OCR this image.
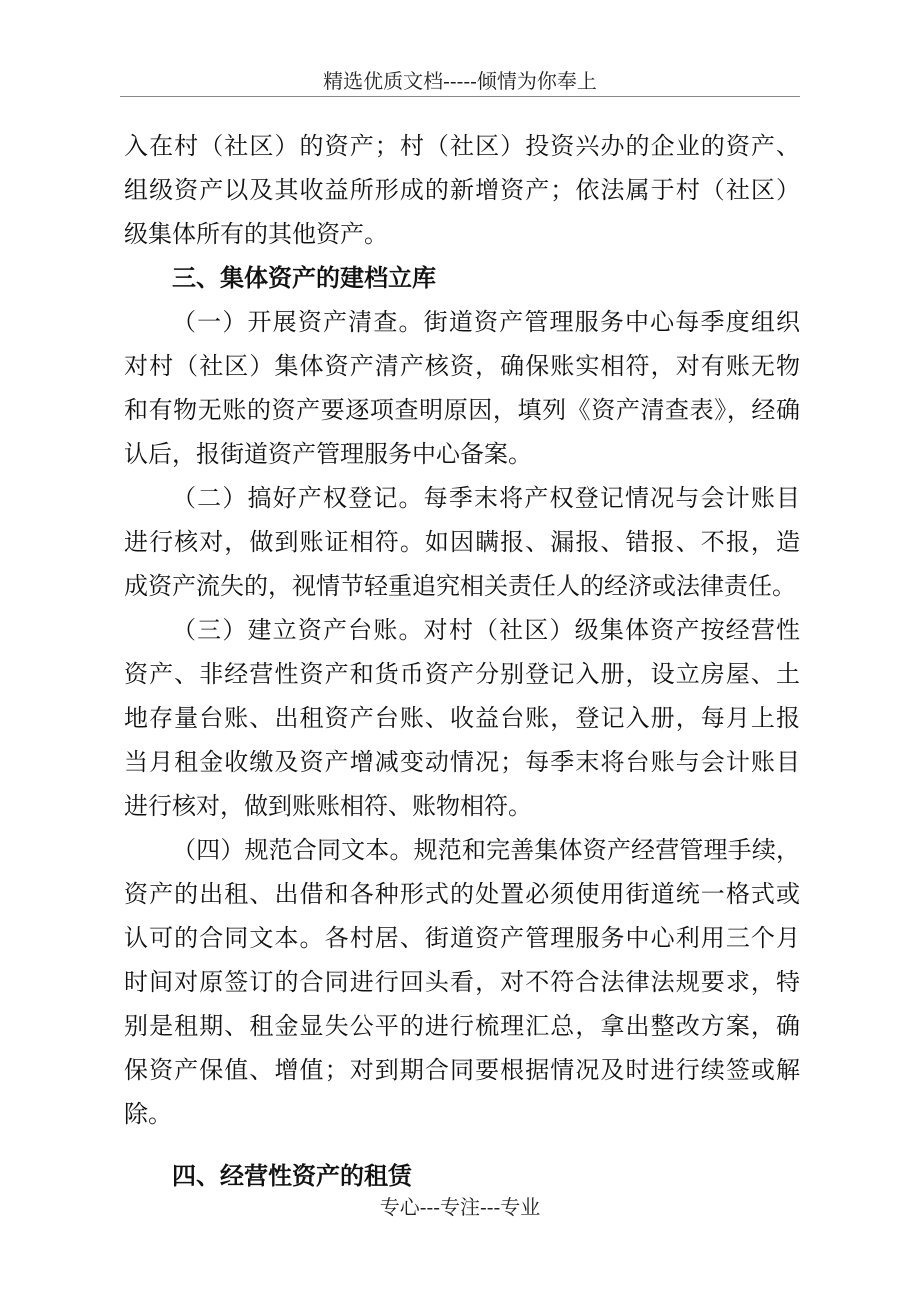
精选优质文档-----倾情为你奉上
入在村（社区）的资产；村（社区）投资兴办的企业的资产、
组级资产以及其收益所形成的新增资产；依法属于村（社区）
级集体所有的其他资产。
三、集体资产的建档立库
（一）开展资产清查。街道资产管理服务中心每季度组织
对村（社区）集体资产清产核资，确保账实相符，对有账无物
和有物无账的资产要逐项查明原因，填列《资产清查表》，经确
认后，报街道资产管理服务中心备案。
（二）搞好产权登记。每季末将产权登记情况与会计账目
进行核对，做到账证相符。如因瞒报、漏报、错报、不报，造
成资产流失的，视情节轻重追究相关责任人的经济或法律责任。
（三）建立资产台账。对村（社区）级集体资产按经营性
资产、非经营性资产和货币资产分别登记入册，设立房屋、土
地存量台账、出租资产台账、收益台账，登记入册，每月上报
当月租金收缴及资产增减变动情况；每季末将台账与会计账目
进行核对，做到账账相符、账物相符。
（四）规范合同文本。规范和完善集体资产经营管理手续，
资产的出租、出借和各种形式的处置必须使用街道统一格式或
认可的合同文本。各村居、街道资产管理服务中心利用三个月
时间对原签订的合同进行回头看，对不符合法律法规要求，特
别是租期、租金显失公平的进行梳理汇总，拿出整改方案，确
保资产保值、增值；对到期合同要根据情况及时进行续签或解
除。
四、经营性资产的租赁
专心---专注---专业
